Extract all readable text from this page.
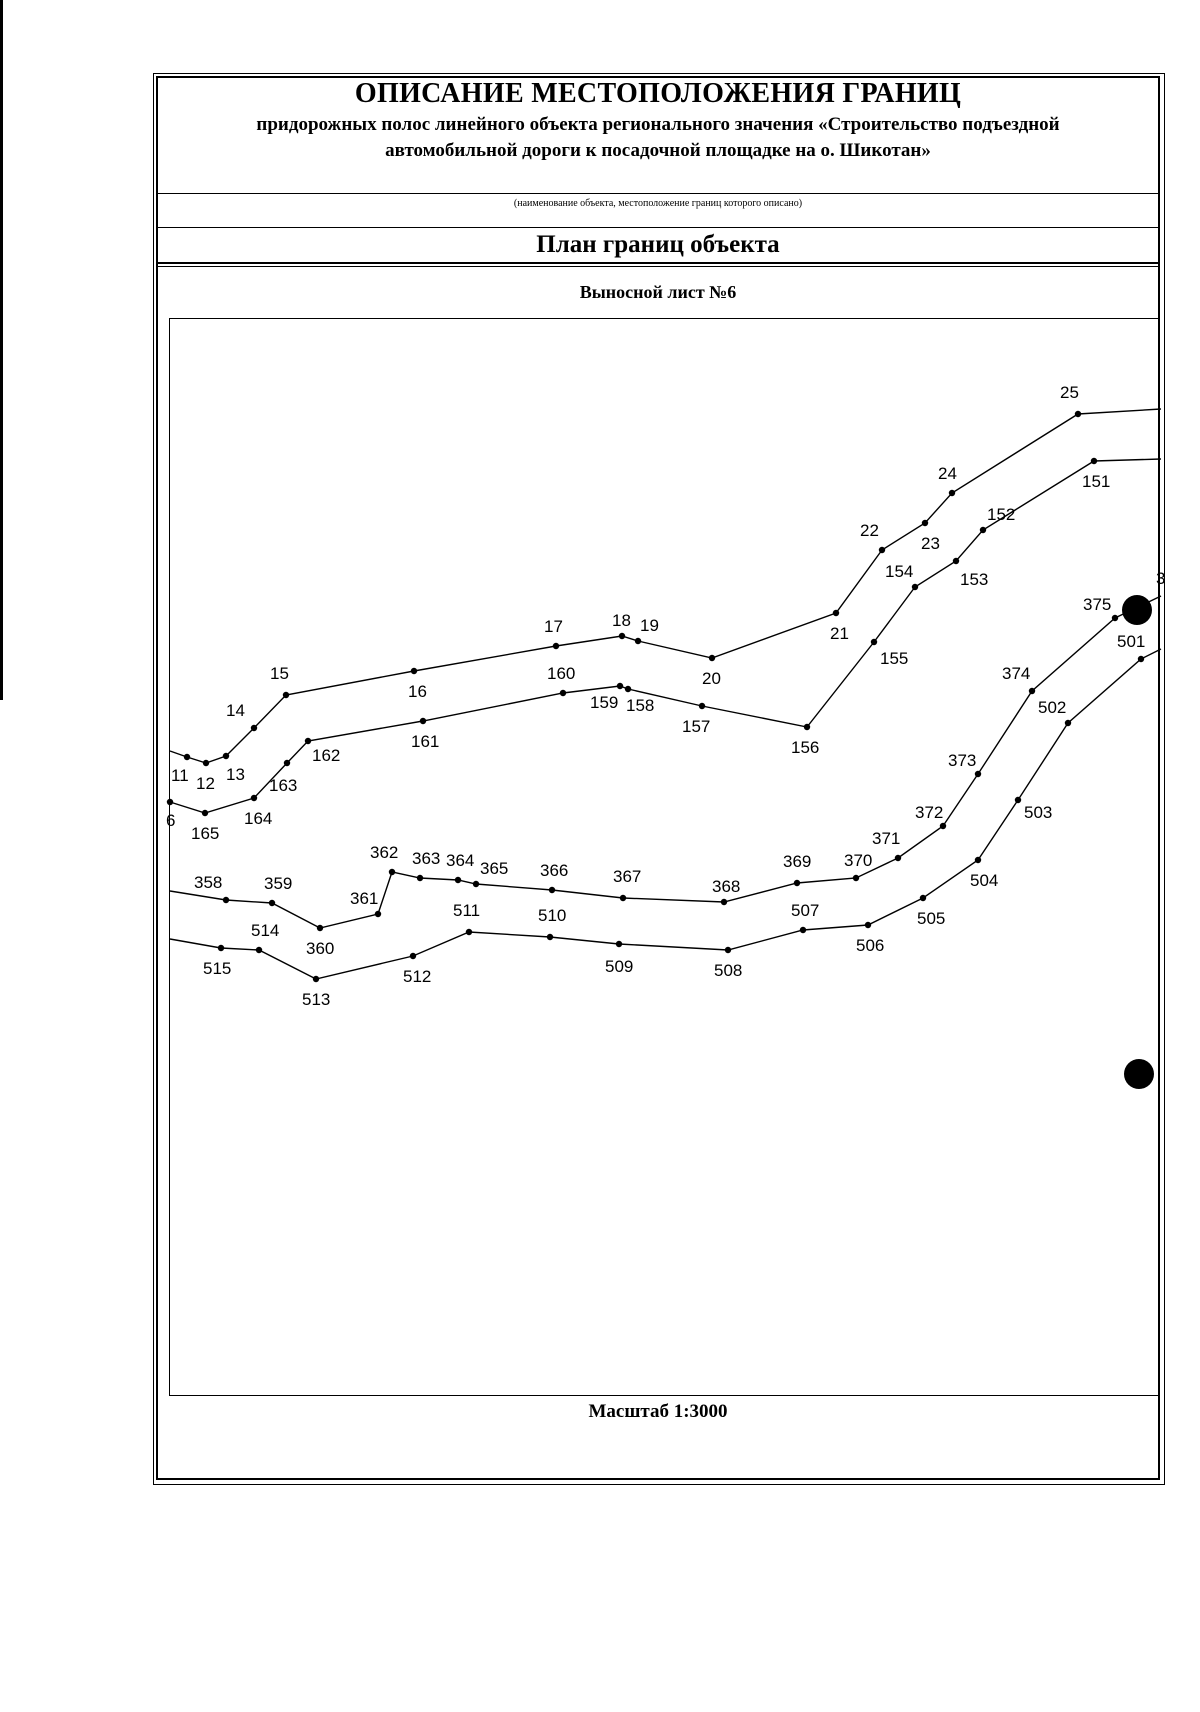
ОПИСАНИЕ МЕСТОПОЛОЖЕНИЯ ГРАНИЦ
придорожных полос линейного объекта регионального значения «Строительство подъездной автомобильной дороги к посадочной площадке на о. Шикотан»
(наименование объекта, местоположение границ которого описано)
План границ объекта
Выносной лист №6
11 12 13
14
15
16
17	18 19
20
21
22
23
24
25
6
165
164
163
162
161
160
159 158
157
156
155
154	153
152
151
358 359
360
361
362 363 364 365 366	367
368
369 370
371
372
373
374
375
515
514
513
512
511	510
509	508
507
506
505
504
503
502
501
3
Масштаб 1:3000
